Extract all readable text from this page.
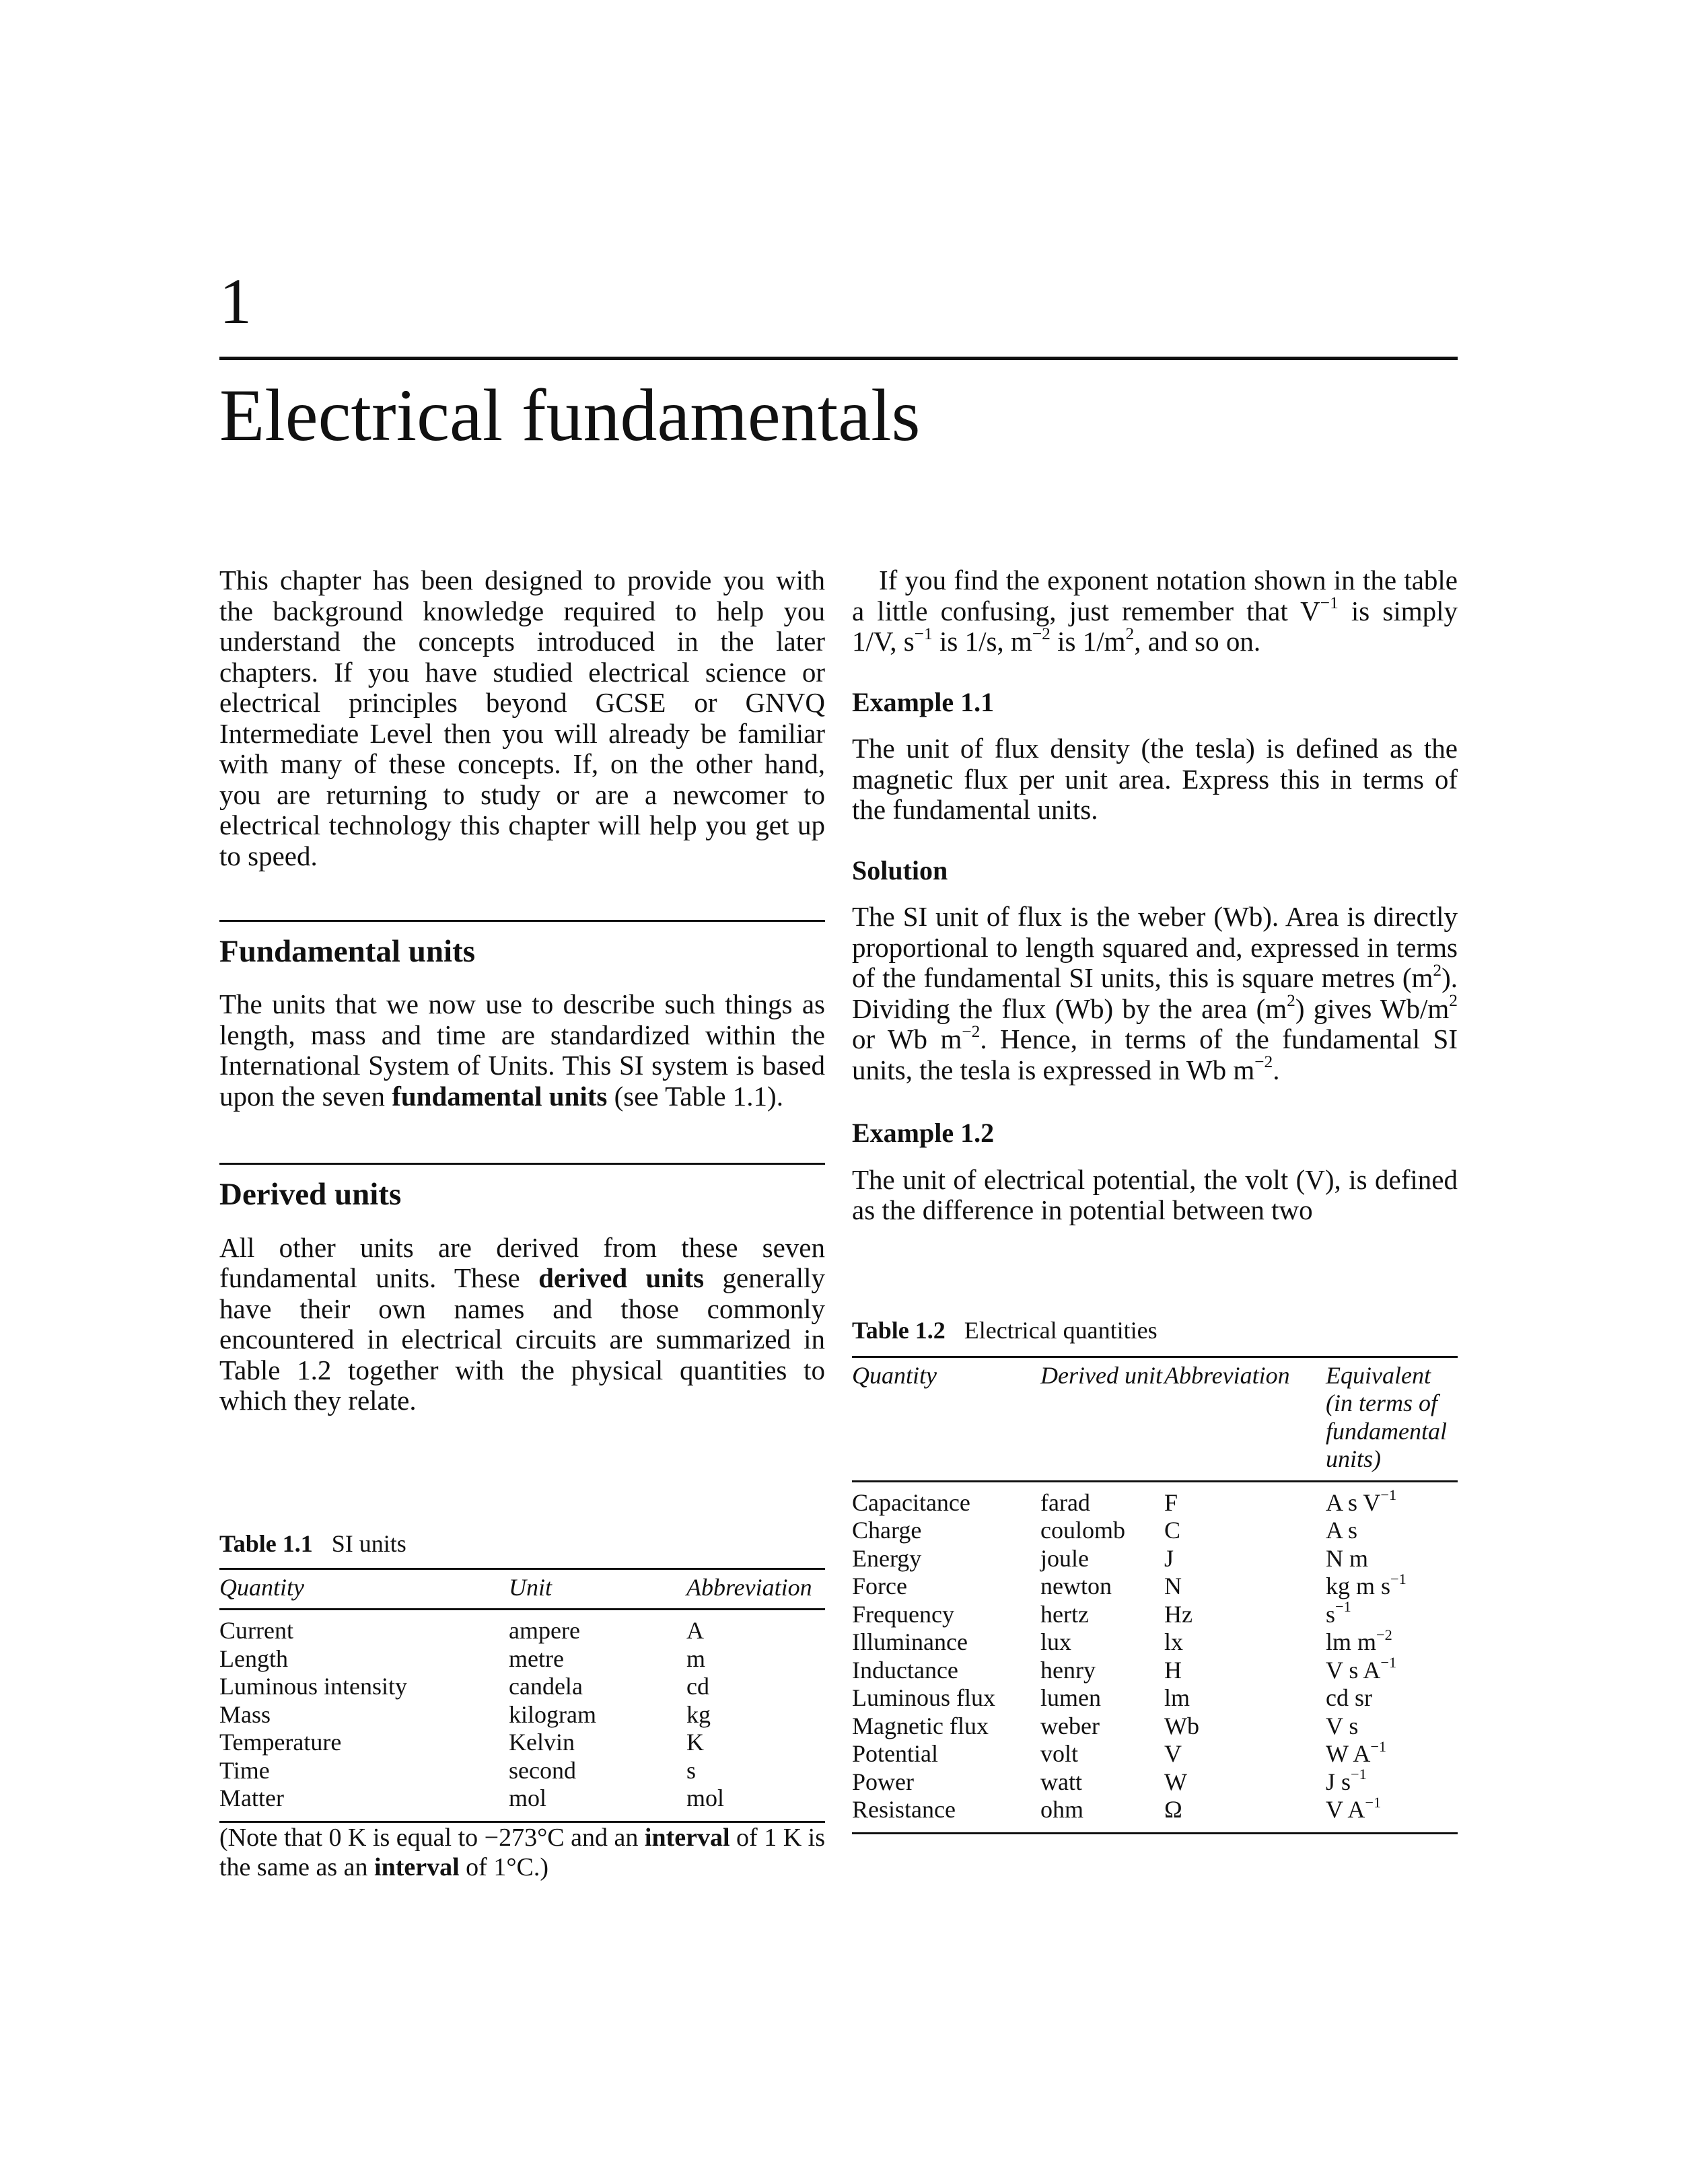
1
Electrical fundamentals

This chapter has been designed to provide you with the background knowledge required to help you understand the concepts introduced in the later chapters. If you have studied electrical science or electrical principles beyond GCSE or GNVQ Intermediate Level then you will already be familiar with many of these concepts. If, on the other hand, you are returning to study or are a newcomer to electrical technology this chapter will help you get up to speed.

Fundamental units

The units that we now use to describe such things as length, mass and time are standardized within the International System of Units. This SI system is based upon the seven fundamental units (see Table 1.1).

Derived units

All other units are derived from these seven fundamental units. These derived units generally have their own names and those commonly encountered in electrical circuits are summarized in Table 1.2 together with the physical quantities to which they relate.

Table 1.1 SI units
Quantity	Unit	Abbreviation
Current	ampere	A
Length	metre	m
Luminous intensity	candela	cd
Mass	kilogram	kg
Temperature	Kelvin	K
Time	second	s
Matter	mol	mol

(Note that 0 K is equal to −273°C and an interval of 1 K is the same as an interval of 1°C.)

If you find the exponent notation shown in the table a little confusing, just remember that $V^{-1}$ is simply 1/V, $s^{-1}$ is 1/s, $m^{-2}$ is $1/m^2$, and so on.

Example 1.1

The unit of flux density (the tesla) is defined as the magnetic flux per unit area. Express this in terms of the fundamental units.

Solution

The SI unit of flux is the weber (Wb). Area is directly proportional to length squared and, expressed in terms of the fundamental SI units, this is square metres $(m^2)$. Dividing the flux (Wb) by the area $(m^2)$ gives $Wb/m^2$ or Wb $m^{-2}$. Hence, in terms of the fundamental SI units, the tesla is expressed in Wb $m^{-2}$.

Example 1.2

The unit of electrical potential, the volt (V), is defined as the difference in potential between two

Table 1.2 Electrical quantities
Quantity	Derived unit	Abbreviation	Equivalent (in terms of fundamental units)
Capacitance	farad	F	A s $V^{-1}$
Charge	coulomb	C	A s
Energy	joule	J	N m
Force	newton	N	kg m $s^{-1}$
Frequency	hertz	Hz	$s^{-1}$
Illuminance	lux	lx	lm $m^{-2}$
Inductance	henry	H	V s $A^{-1}$
Luminous flux	lumen	lm	cd sr
Magnetic flux	weber	Wb	V s
Potential	volt	V	W $A^{-1}$
Power	watt	W	J $s^{-1}$
Resistance	ohm	Ω	V $A^{-1}$
